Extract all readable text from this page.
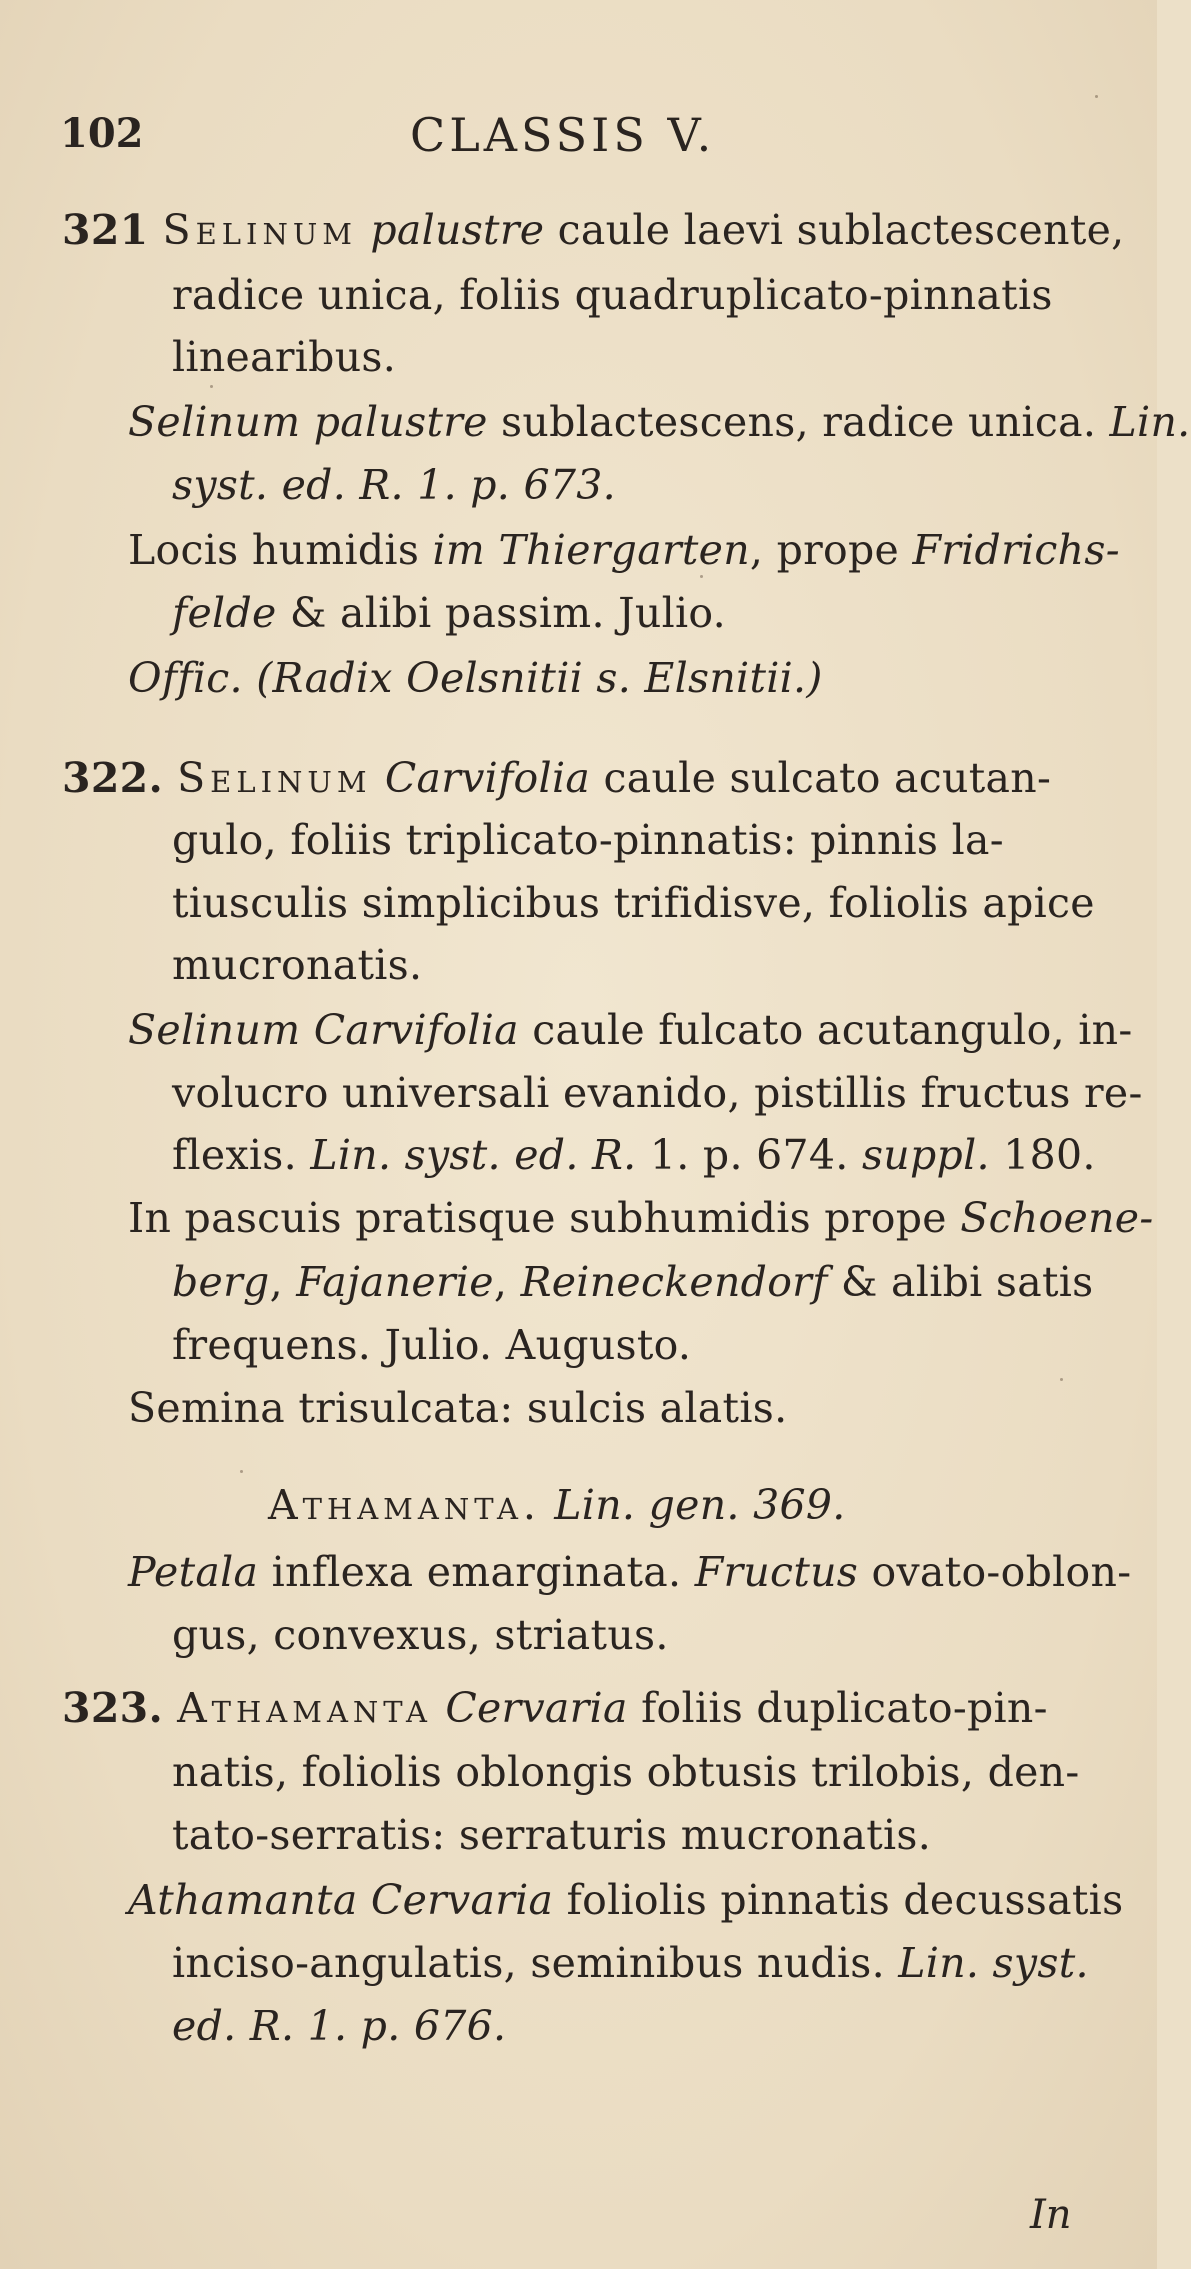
102	CLASSIS V.
321 Selinum palustre caule laevi sublaсtescente,
radice unica, foliis quadruplicato-pinnatis
linearibus.
Selinum palustre sublactescens, radice unica. Lin.
syst. ed. R. 1. p. 673.
Locis humidis im Thiergarten, prope Fridrichs-
felde & alibi passim. Julio.
Offic. (Radix Oelsnitii s. Elsnitii.)
322. Selinum Carvifolia caule sulcato acutan-
gulo, foliis triplicato-pinnatis: pinnis la-
tiusculis simplicibus trifidisve, foliolis apice
mucronatis.
Selinum Carvifolia caule fulcato acutangulo, in-
volucro universali evanido, pistillis fructus re-
flexis. Lin. syst. ed. R. 1. p. 674. suppl. 180.
In pascuis pratisque subhumidis prope Schoene-
berg, Fajanerie, Reineckendorf & alibi satis
frequens. Julio. Augusto.
Semina trisulcata: sulcis alatis.
Athamanta. Lin. gen. 369.
Petala inflexa emarginata. Fructus ovato-oblon-
gus, convexus, striatus.
323. Athamanta Cervaria foliis duplicato-pin-
natis, foliolis oblongis obtusis trilobis, den-
tato-serratis: serraturis mucronatis.
Athamanta Cervaria foliolis pinnatis decussatis
inciso-angulatis, seminibus nudis. Lin. syst.
ed. R. 1. p. 676.
In
